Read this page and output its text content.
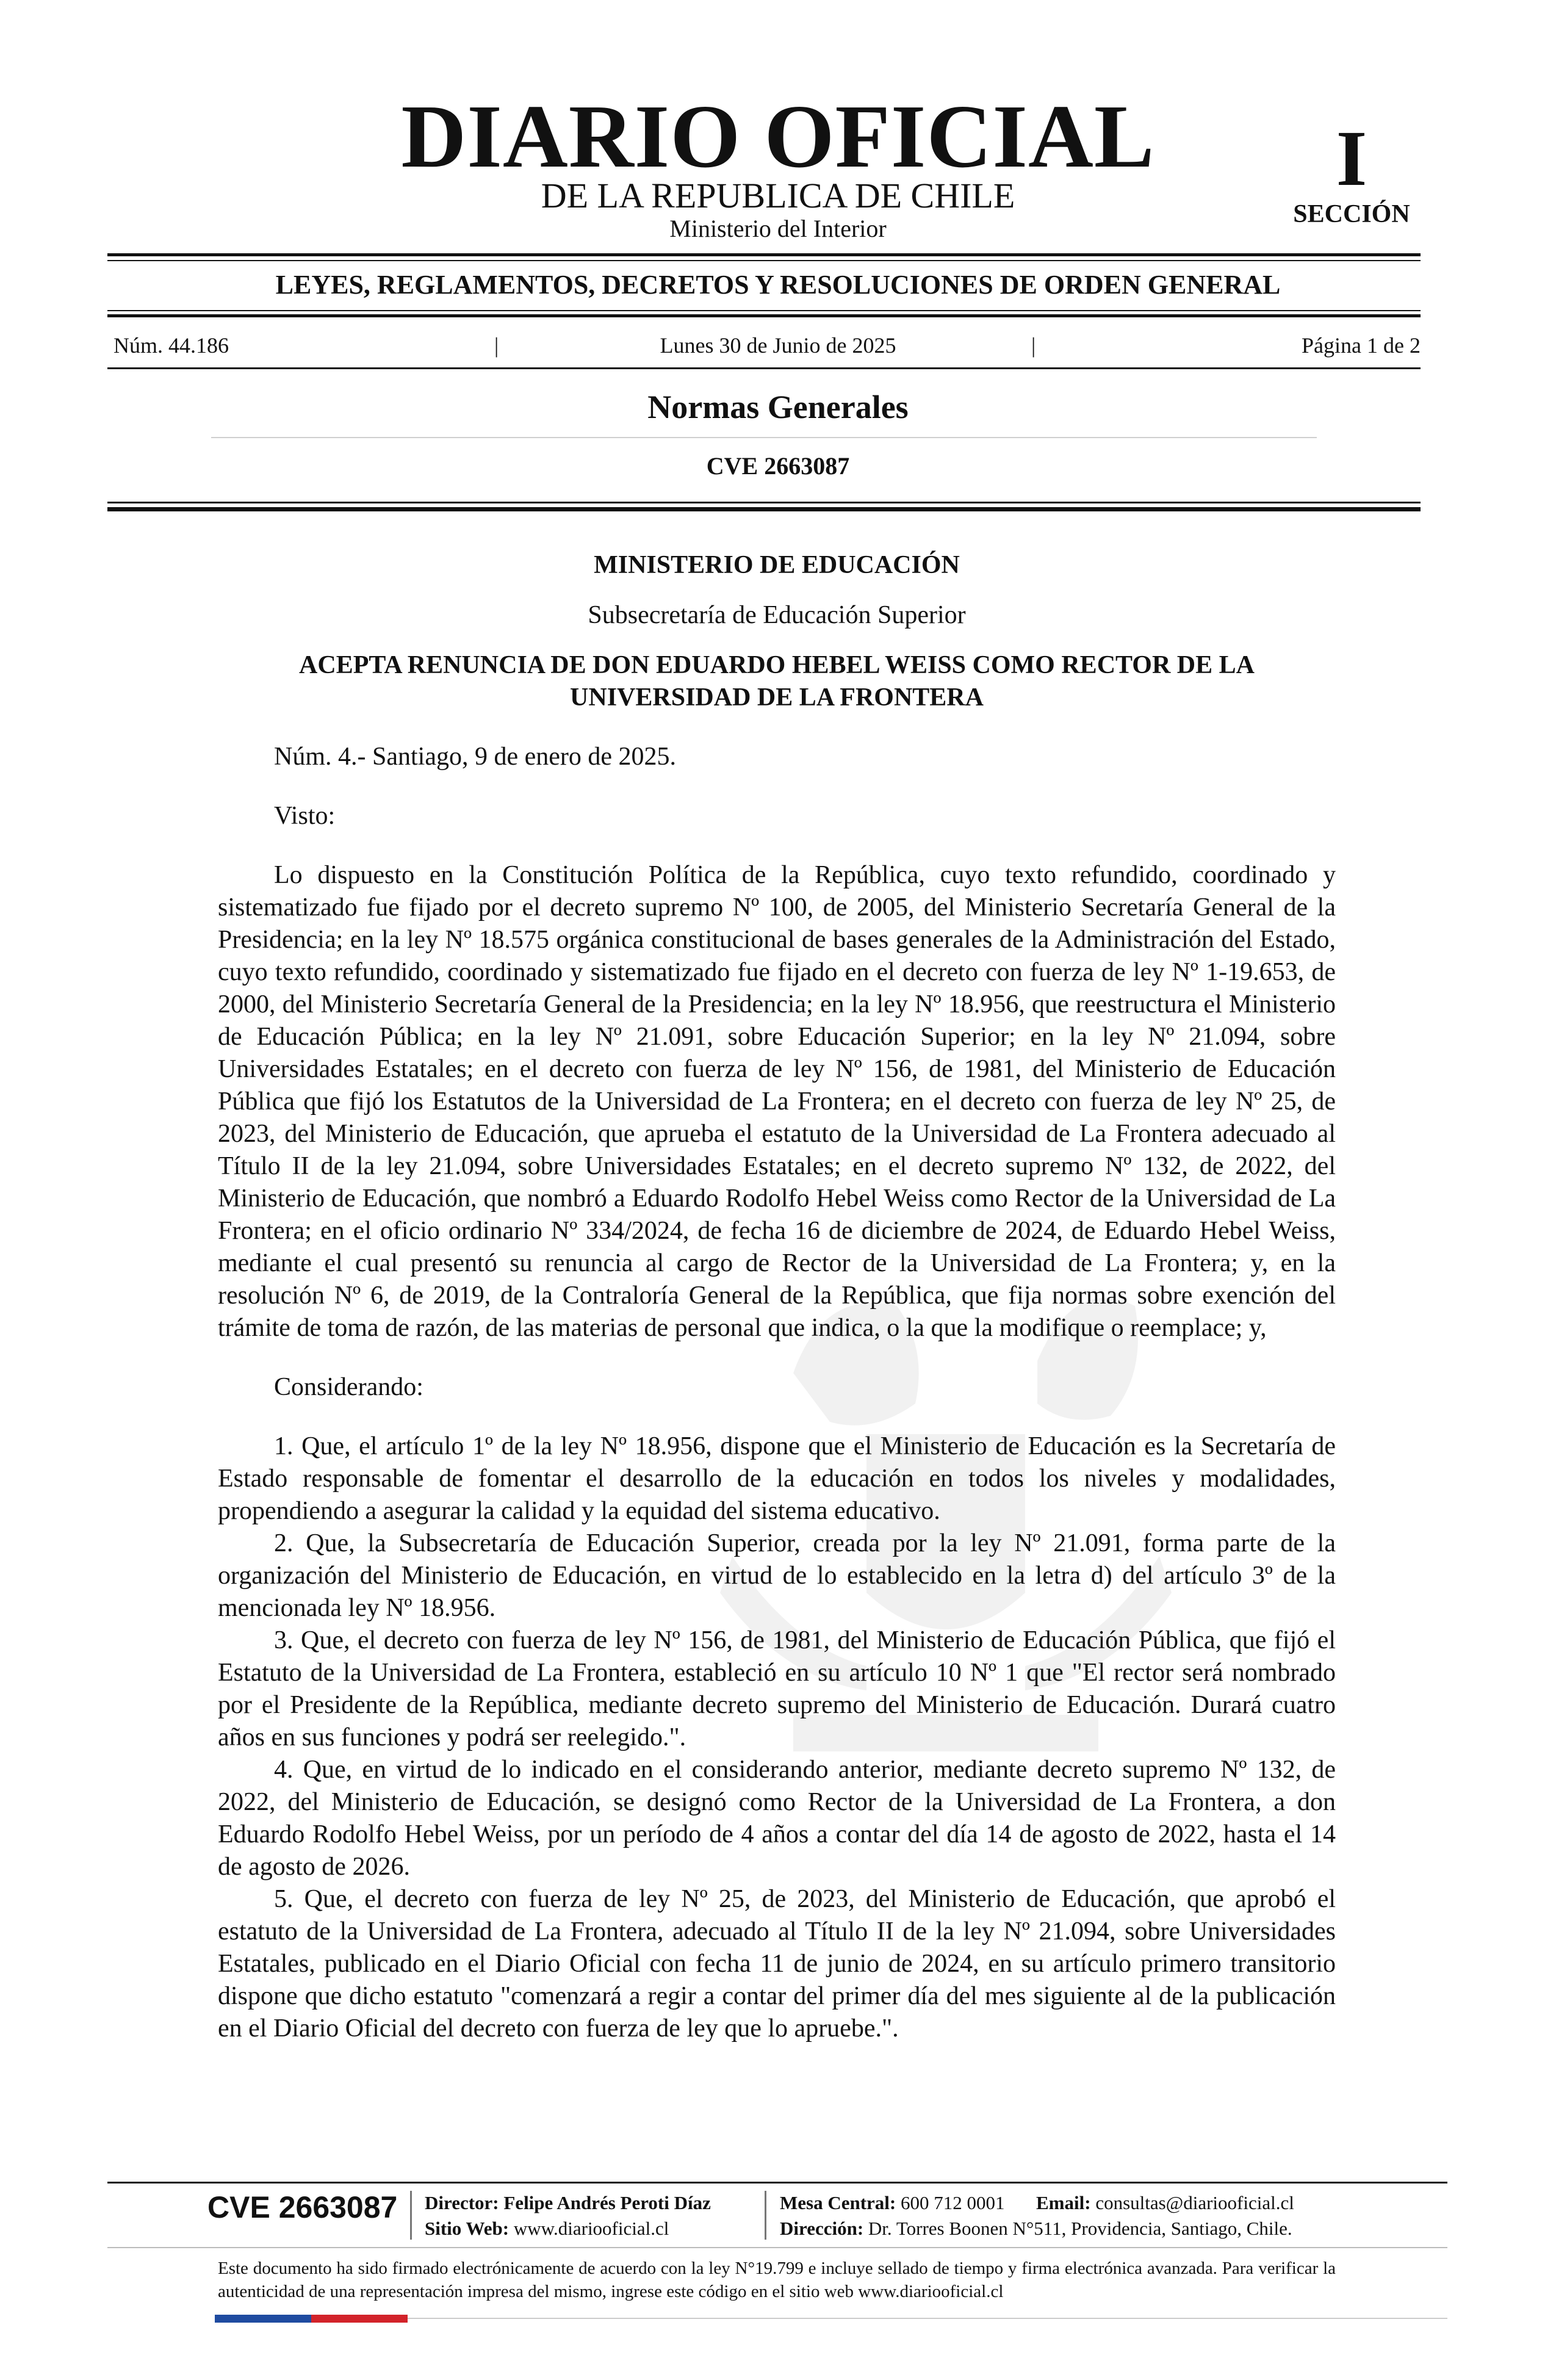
DIARIO OFICIAL
DE LA REPUBLICA DE CHILE
Ministerio del Interior
I
SECCIÓN
LEYES, REGLAMENTOS, DECRETOS Y RESOLUCIONES DE ORDEN GENERAL
Núm. 44.186	|	Lunes 30 de Junio de 2025	|	Página 1 de 2
Normas Generales
CVE 2663087

MINISTERIO DE EDUCACIÓN

Subsecretaría de Educación Superior

ACEPTA RENUNCIA DE DON EDUARDO HEBEL WEISS COMO RECTOR DE LA UNIVERSIDAD DE LA FRONTERA

Núm. 4.- Santiago, 9 de enero de 2025.

Visto:

Lo dispuesto en la Constitución Política de la República, cuyo texto refundido, coordinado y sistematizado fue fijado por el decreto supremo Nº 100, de 2005, del Ministerio Secretaría General de la Presidencia; en la ley Nº 18.575 orgánica constitucional de bases generales de la Administración del Estado, cuyo texto refundido, coordinado y sistematizado fue fijado en el decreto con fuerza de ley Nº 1-19.653, de 2000, del Ministerio Secretaría General de la Presidencia; en la ley Nº 18.956, que reestructura el Ministerio de Educación Pública; en la ley Nº 21.091, sobre Educación Superior; en la ley Nº 21.094, sobre Universidades Estatales; en el decreto con fuerza de ley Nº 156, de 1981, del Ministerio de Educación Pública que fijó los Estatutos de la Universidad de La Frontera; en el decreto con fuerza de ley Nº 25, de 2023, del Ministerio de Educación, que aprueba el estatuto de la Universidad de La Frontera adecuado al Título II de la ley 21.094, sobre Universidades Estatales; en el decreto supremo Nº 132, de 2022, del Ministerio de Educación, que nombró a Eduardo Rodolfo Hebel Weiss como Rector de la Universidad de La Frontera; en el oficio ordinario Nº 334/2024, de fecha 16 de diciembre de 2024, de Eduardo Hebel Weiss, mediante el cual presentó su renuncia al cargo de Rector de la Universidad de La Frontera; y, en la resolución Nº 6, de 2019, de la Contraloría General de la República, que fija normas sobre exención del trámite de toma de razón, de las materias de personal que indica, o la que la modifique o reemplace; y,

Considerando:

1. Que, el artículo 1º de la ley Nº 18.956, dispone que el Ministerio de Educación es la Secretaría de Estado responsable de fomentar el desarrollo de la educación en todos los niveles y modalidades, propendiendo a asegurar la calidad y la equidad del sistema educativo.

2. Que, la Subsecretaría de Educación Superior, creada por la ley Nº 21.091, forma parte de la organización del Ministerio de Educación, en virtud de lo establecido en la letra d) del artículo 3º de la mencionada ley Nº 18.956.

3. Que, el decreto con fuerza de ley Nº 156, de 1981, del Ministerio de Educación Pública, que fijó el Estatuto de la Universidad de La Frontera, estableció en su artículo 10 Nº 1 que "El rector será nombrado por el Presidente de la República, mediante decreto supremo del Ministerio de Educación. Durará cuatro años en sus funciones y podrá ser reelegido.".

4. Que, en virtud de lo indicado en el considerando anterior, mediante decreto supremo Nº 132, de 2022, del Ministerio de Educación, se designó como Rector de la Universidad de La Frontera, a don Eduardo Rodolfo Hebel Weiss, por un período de 4 años a contar del día 14 de agosto de 2022, hasta el 14 de agosto de 2026.

5. Que, el decreto con fuerza de ley Nº 25, de 2023, del Ministerio de Educación, que aprobó el estatuto de la Universidad de La Frontera, adecuado al Título II de la ley Nº 21.094, sobre Universidades Estatales, publicado en el Diario Oficial con fecha 11 de junio de 2024, en su artículo primero transitorio dispone que dicho estatuto "comenzará a regir a contar del primer día del mes siguiente al de la publicación en el Diario Oficial del decreto con fuerza de ley que lo apruebe.".

CVE 2663087 Director: Felipe Andrés Peroti Díaz
Sitio Web: www.diariooficial.cl
Mesa Central: 600 712 0001 Email: consultas@diariooficial.cl
Dirección: Dr. Torres Boonen N°511, Providencia, Santiago, Chile.
Este documento ha sido firmado electrónicamente de acuerdo con la ley N°19.799 e incluye sellado de tiempo y firma electrónica avanzada. Para verificar la autenticidad de una representación impresa del mismo, ingrese este código en el sitio web www.diariooficial.cl
